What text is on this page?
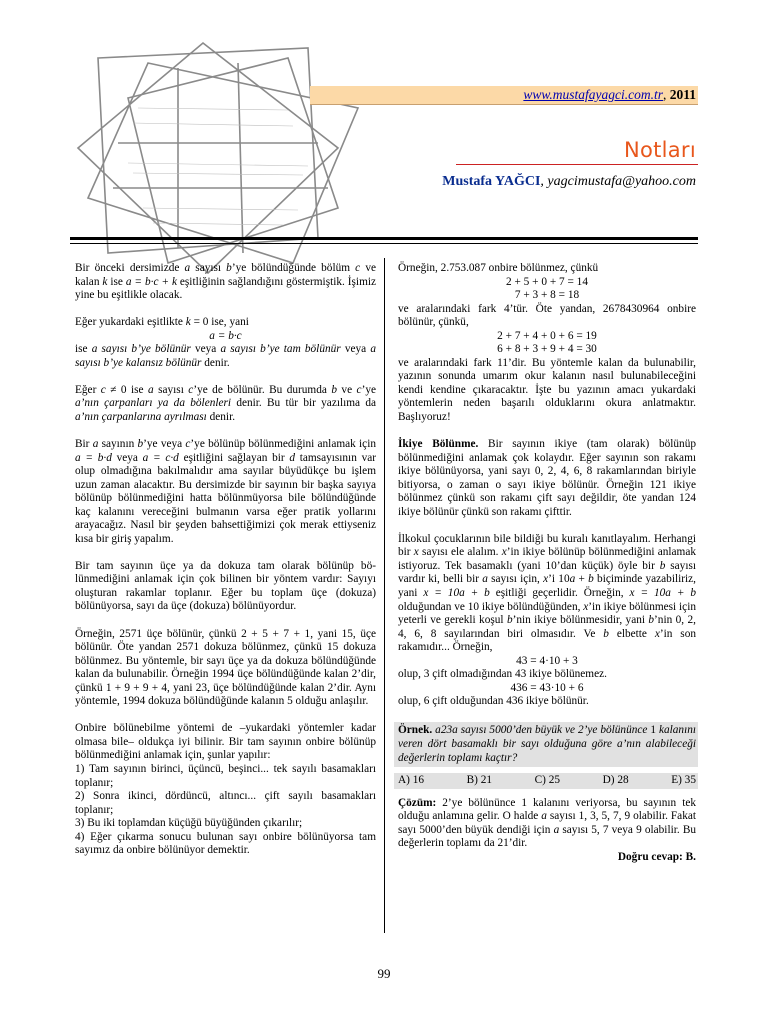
www.mustafayagci.com.tr, 2011
Notları
Mustafa YAĞCI, yagcimustafa@yahoo.com

Bir önceki dersimizde a sayısı b’ye bölündüğünde bölüm c ve kalan k ise a = b·c + k eşitliğinin sağlandığını göstermiştik. İşimiz yine bu eşitlikle olacak.

Eğer yukardaki eşitlikte k = 0 ise, yani

a = b·c

ise a sayısı b’ye bölünür veya a sayısı b’ye tam bölünür veya a sayısı b’ye kalansız bölünür denir.

Eğer c ≠ 0 ise a sayısı c’ye de bölünür. Bu durumda b ve c’ye a’nın çarpanları ya da bölenleri denir. Bu tür bir yazılıma da a’nın çarpanlarına ayrılması denir.

Bir a sayının b’ye veya c’ye bölünüp bölünmediğini anlamak için a = b·d veya a = c·d eşitliğini sağlayan bir d tamsayısının var olup olmadığına bakılmalıdır ama sayılar büyüdükçe bu işlem uzun zaman alacaktır. Bu dersimizde bir sayının bir başka sayıya bölünüp bölünmediğini hatta bölünmüyorsa bile bölündüğünde kaç kalanını vereceğini bulmanın varsa eğer pratik yollarını arayacağız. Nasıl bir şeyden bahsettiğimizi çok merak ettiyseniz kısa bir giriş yapalım.

Bir tam sayının üçe ya da dokuza tam olarak bölünüp bölünmediğini anlamak için çok bilinen bir yöntem vardır: Sayıyı oluşturan rakamlar toplanır. Eğer bu toplam üçe (dokuza) bölünüyorsa, sayı da üçe (dokuza) bölünüyordur.

Örneğin, 2571 üçe bölünür, çünkü 2 + 5 + 7 + 1, yani 15, üçe bölünür. Öte yandan 2571 dokuza bölünmez, çünkü 15 dokuza bölünmez. Bu yöntemle, bir sayı üçe ya da dokuza bölündüğünde kalan da bulunabilir. Örneğin 1994 üçe bölündüğünde kalan 2’dir, çünkü 1 + 9 + 9 + 4, yani 23, üçe bölündüğünde kalan 2’dir. Aynı yöntemle, 1994 dokuza bölündüğünde kalanın 5 olduğu anlaşılır.

Onbire bölünebilme yöntemi de –yukardaki yöntemler kadar olmasa bile– oldukça iyi bilinir. Bir tam sayının onbire bölünüp bölünmediğini anlamak için, şunlar yapılır:

1) Tam sayının birinci, üçüncü, beşinci... tek sayılı basamakları toplanır;
2) Sonra ikinci, dördüncü, altıncı... çift sayılı basamakları toplanır;
3) Bu iki toplamdan küçüğü büyüğünden çıkarılır;
4) Eğer çıkarma sonucu bulunan sayı onbire bölünüyorsa tam sayımız da onbire bölünüyor demektir.
Örneğin, 2.753.087 onbire bölünmez, çünkü
2 + 5 + 0 + 7 = 14
7 + 3 + 8 = 18
ve aralarındaki fark 4’tür. Öte yandan, 2678430964 onbire bölünür, çünkü,
2 + 7 + 4 + 0 + 6 = 19
6 + 8 + 3 + 9 + 4 = 30

ve aralarındaki fark 11’dir. Bu yöntemle kalan da bulunabilir, yazının sonunda umarım okur kalanın nasıl bulunabileceğini kendi kendine çıkaracaktır. İşte bu yazının amacı yukardaki yöntemlerin neden başarılı olduklarını okura anlatmaktır. Başlıyoruz!

İkiye Bölünme. Bir sayının ikiye (tam olarak) bölünüp bölünmediğini anlamak çok kolaydır. Eğer sayının son rakamı ikiye bölünüyorsa, yani sayı 0, 2, 4, 6, 8 rakamlarından biriyle bitiyorsa, o zaman o sayı ikiye bölünür. Örneğin 121 ikiye bölünmez çünkü son rakamı çift sayı değildir, öte yandan 124 ikiye bölünür çünkü son rakamı çifttir.

İlkokul çocuklarının bile bildiği bu kuralı kanıtlayalım. Herhangi bir x sayısı ele alalım. x’in ikiye bölünüp bölünmediğini anlamak istiyoruz. Tek basamaklı (yani 10’dan küçük) öyle bir b sayısı vardır ki, belli bir a sayısı için, x’i 10a + b biçiminde yazabiliriz, yani x = 10a + b eşitliği geçerlidir. Örneğin, x = 10a + b olduğundan ve 10 ikiye bölündüğünden, x’in ikiye bölünmesi için yeterli ve gerekli koşul b’nin ikiye bölünmesidir, yani b’nin 0, 2, 4, 6, 8 sayılarından biri olmasıdır. Ve b elbette x’in son rakamıdır... Örneğin,
43 = 4·10 + 3
olup, 3 çift olmadığından 43 ikiye bölünemez.
436 = 43·10 + 6

olup, 6 çift olduğundan 436 ikiye bölünür.

Örnek. a23a sayısı 5000’den büyük ve 2’ye bölününce 1 kalanını veren dört basamaklı bir sayı olduğuna göre a’nın alabileceği değerlerin toplamı kaçtır?
A) 16	B) 21	C) 25	D) 28	E) 35
Çözüm: 2’ye bölününce 1 kalanını veriyorsa, bu sayının tek olduğu anlamına gelir. O halde a sayısı 1, 3, 5, 7, 9 olabilir. Fakat sayı 5000’den büyük dendiği için a sayısı 5, 7 veya 9 olabilir. Bu değerlerin toplamı da 21’dir.
Doğru cevap: B.
99
